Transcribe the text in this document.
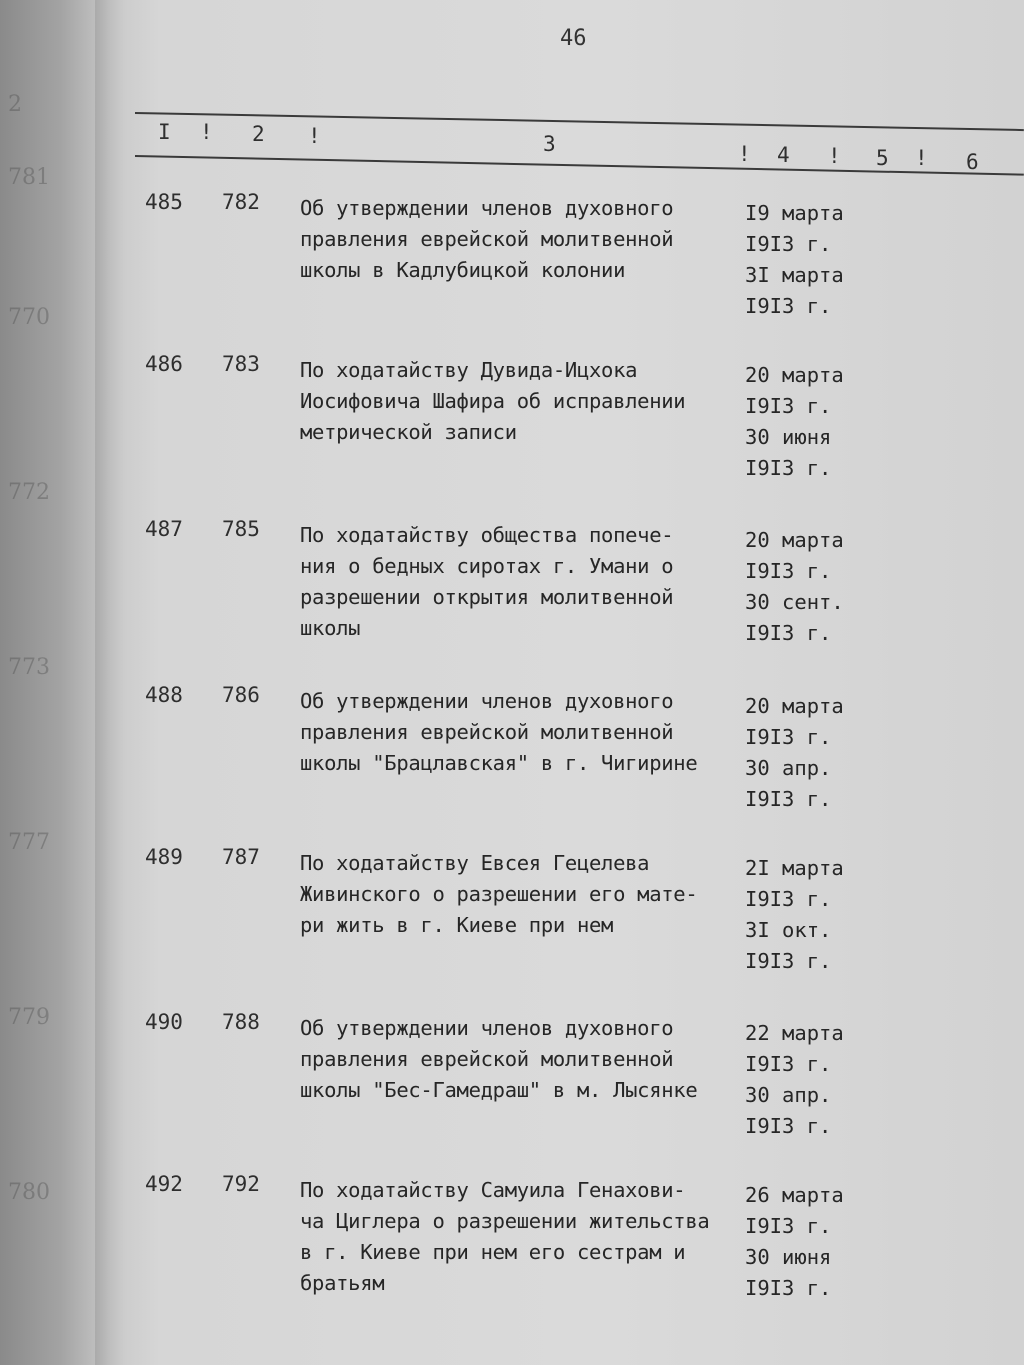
2
781
770
772
773
777
779
780
46
I ! 2 !	3	! 4 ! 5 ! 6
485 782 Об утверждении членов духовного
правления еврейской молитвенной
школы в Кадлубицкой колонии
I9 марта
I9I3 г.
3I марта
I9I3 г.
486 783 По ходатайству Дувида-Ицхока
Иосифовича Шафира об исправлении
метрической записи
20 марта
I9I3 г.
30 июня
I9I3 г.
487 785 По ходатайству общества попече-
ния о бедных сиротах г. Умани о
разрешении открытия молитвенной
школы
20 марта
I9I3 г.
30 сент.
I9I3 г.
488 786 Об утверждении членов духовного
правления еврейской молитвенной
школы "Брацлавская" в г. Чигирине
20 марта
I9I3 г.
30 апр.
I9I3 г.
489 787 По ходатайству Евсея Гецелева
Живинского о разрешении его мате-
ри жить в г. Киеве при нем
2I марта
I9I3 г.
3I окт.
I9I3 г.
490 788 Об утверждении членов духовного
правления еврейской молитвенной
школы "Бес-Гамедраш" в м. Лысянке
22 марта
I9I3 г.
30 апр.
I9I3 г.
492 792 По ходатайству Самуила Генахови-
ча Циглера о разрешении жительства
в г. Киеве при нем его сестрам и
братьям
26 марта
I9I3 г.
30 июня
I9I3 г.
